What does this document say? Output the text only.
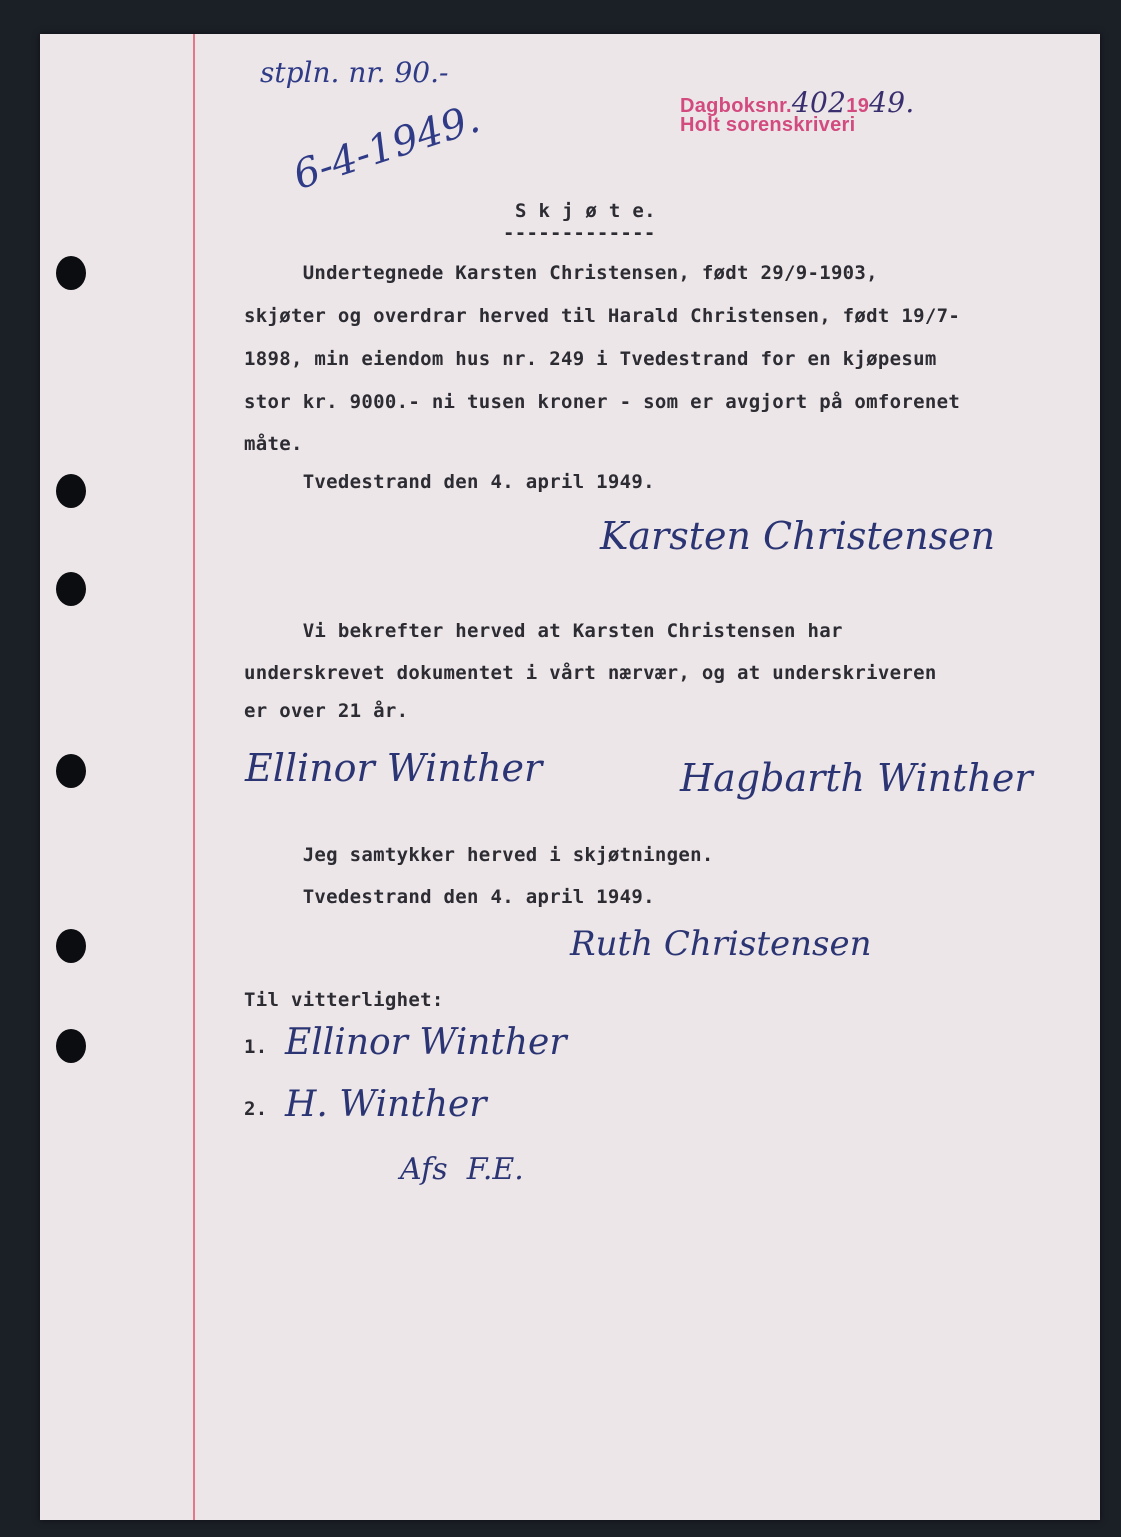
stpln. nr. 90.-
6-4-1949.	Dagboksnr.4021949.
Holt sorenskriveri
S k j ø t e.
-------------
Undertegnede Karsten Christensen, født 29/9-1903,
skjøter og overdrar herved til Harald Christensen, født 19/7-
1898, min eiendom hus nr. 249 i Tvedestrand for en kjøpesum
stor kr. 9000.- ni tusen kroner - som er avgjort på omforenet
måte.
Tvedestrand den 4. april 1949.
Karsten Christensen
Vi bekrefter herved at Karsten Christensen har
underskrevet dokumentet i vårt nærvær, og at underskriveren
er over 21 år.
Ellinor Winther	Hagbarth Winther
Jeg samtykker herved i skjøtningen.
Tvedestrand den 4. april 1949.
Ruth Christensen
Til vitterlighet:
1. Ellinor Winther
2. H. Winther
Afs  F.E.
